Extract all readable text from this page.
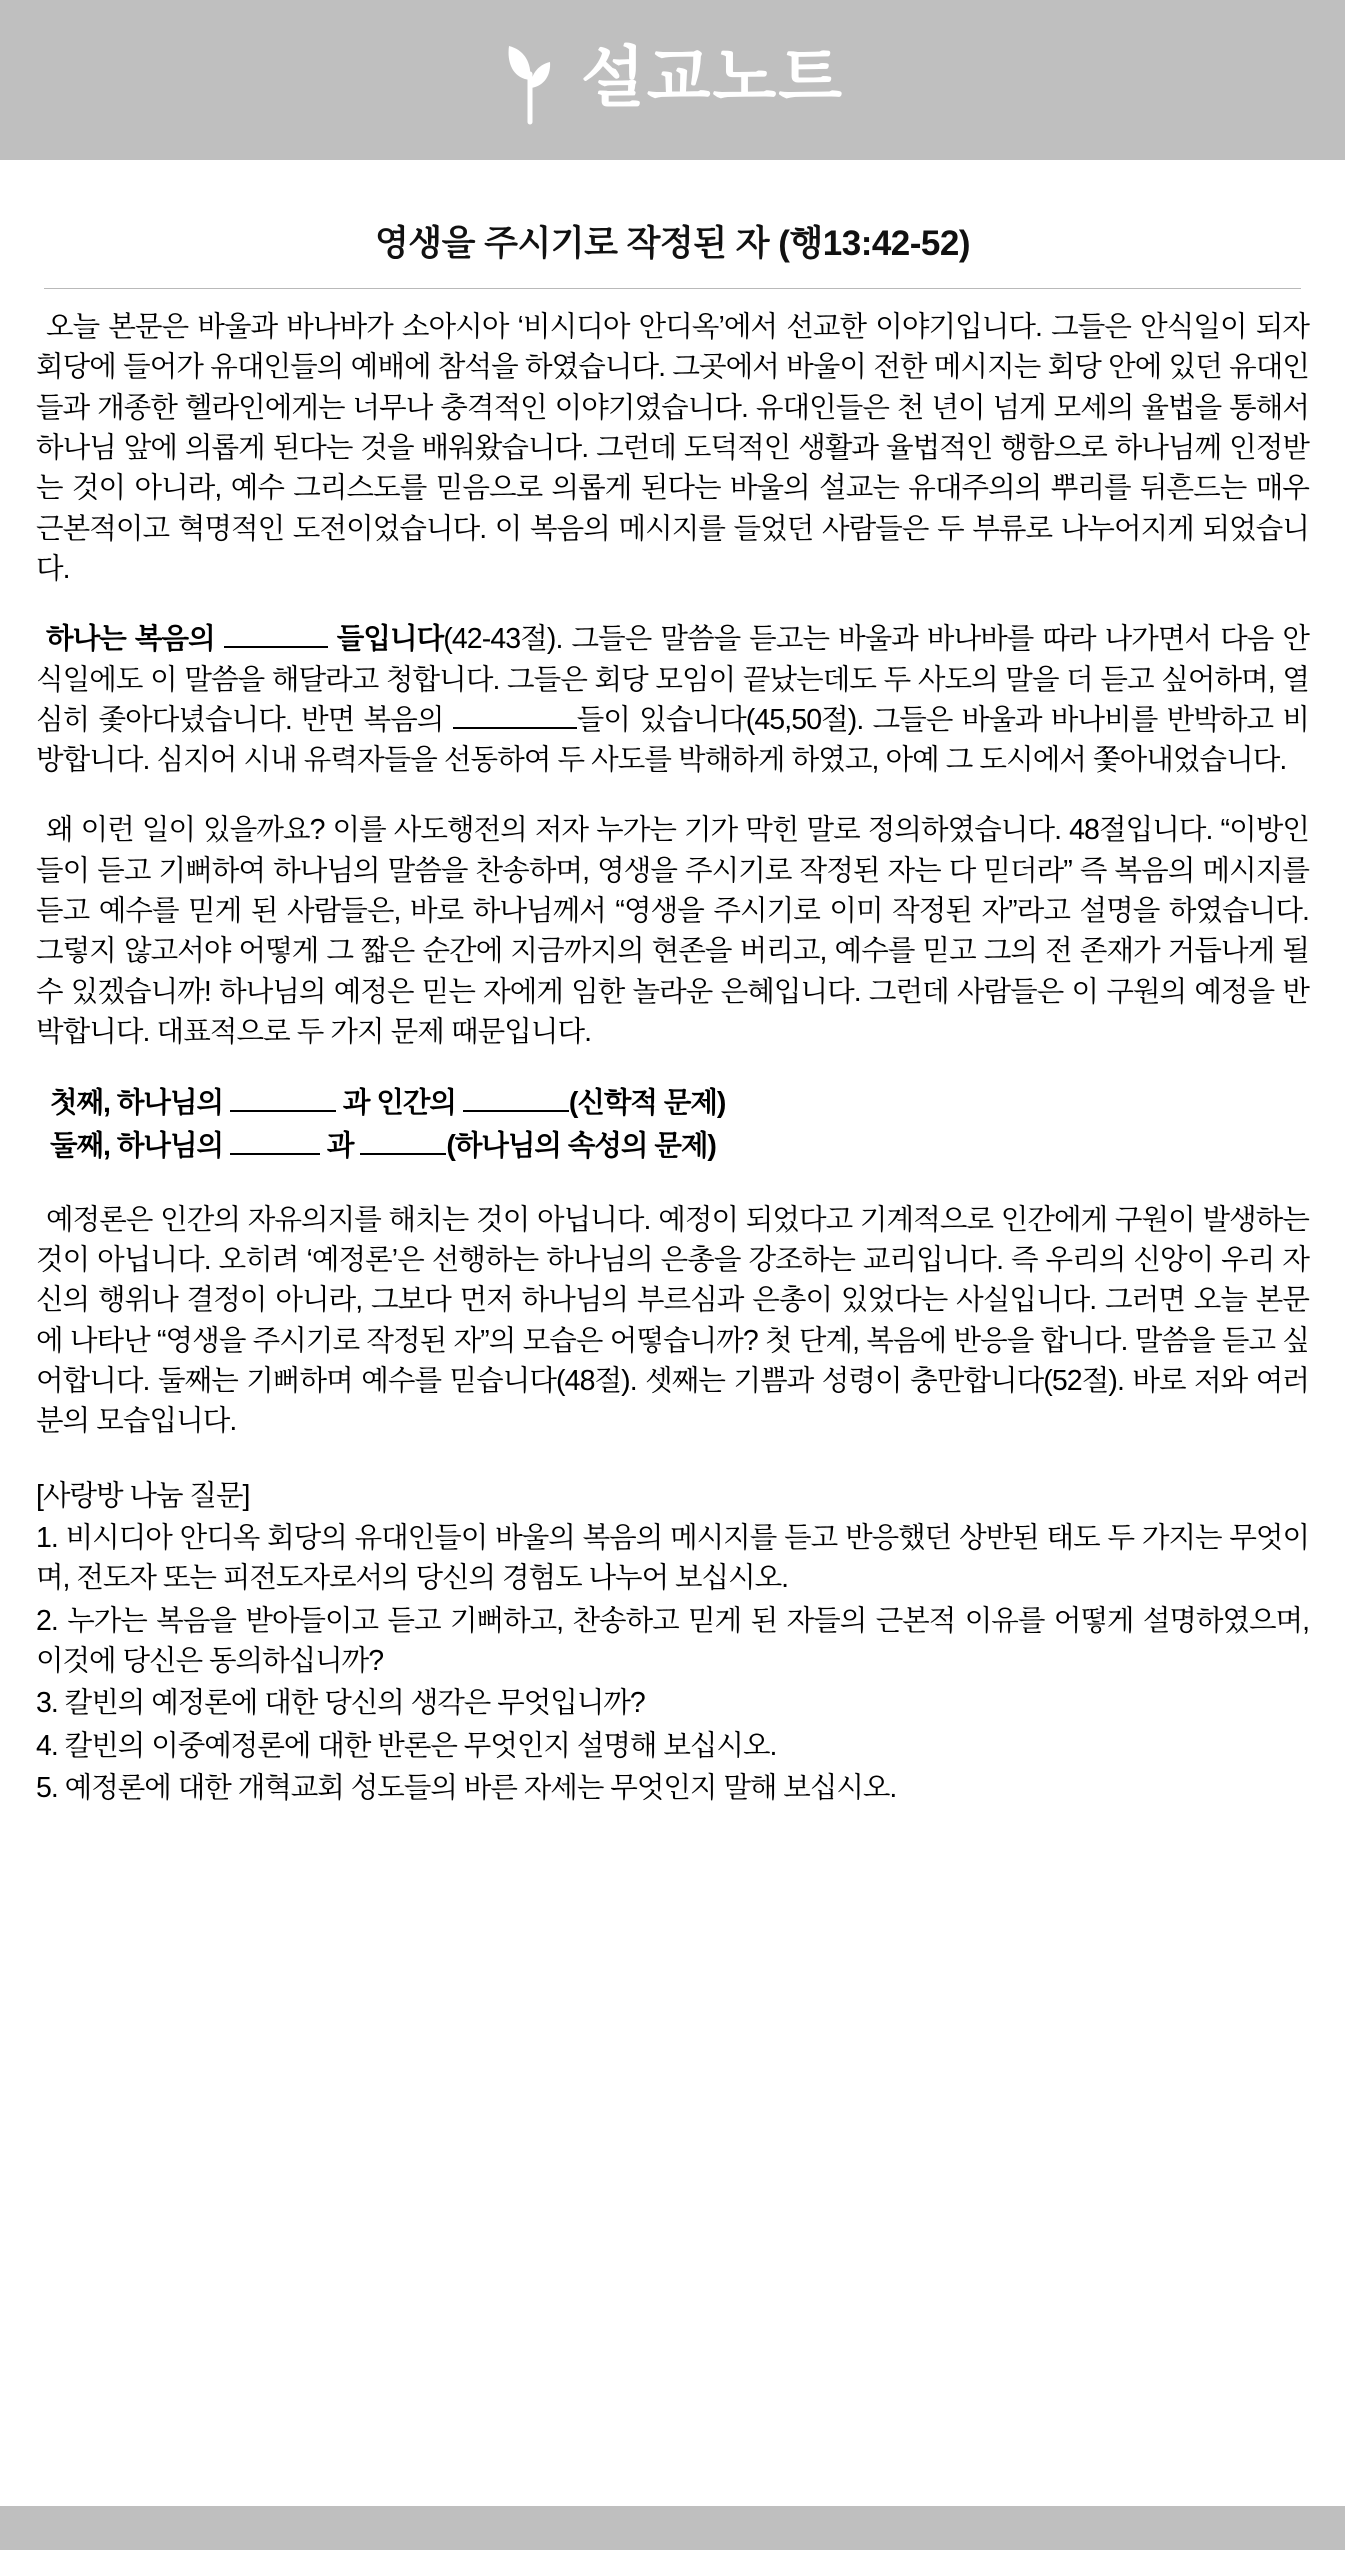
설교노트
영생을 주시기로 작정된 자 (행13:42-52)

오늘 본문은 바울과 바나바가 소아시아 ‘비시디아 안디옥’에서 선교한 이야기입니다. 그들은 안식일이 되자 회당에 들어가 유대인들의 예배에 참석을 하였습니다. 그곳에서 바울이 전한 메시지는 회당 안에 있던 유대인들과 개종한 헬라인에게는 너무나 충격적인 이야기였습니다. 유대인들은 천 년이 넘게 모세의 율법을 통해서 하나님 앞에 의롭게 된다는 것을 배워왔습니다. 그런데 도덕적인 생활과 율법적인 행함으로 하나님께 인정받는 것이 아니라, 예수 그리스도를 믿음으로 의롭게 된다는 바울의 설교는 유대주의의 뿌리를 뒤흔드는 매우 근본적이고 혁명적인 도전이었습니다. 이 복음의 메시지를 들었던 사람들은 두 부류로 나누어지게 되었습니다.

하나는 복음의	들입니다(42-43절). 그들은 말씀을 듣고는 바울과 바나바를 따라 나가면서 다음 안식일에도 이 말씀을 해달라고 청합니다. 그들은 회당 모임이 끝났는데도 두 사도의 말을 더 듣고 싶어하며, 열심히 좇아다녔습니다. 반면 복음의	들이 있습니다(45,50절). 그들은 바울과 바나비를 반박하고 비방합니다. 심지어 시내 유력자들을 선동하여 두 사도를 박해하게 하였고, 아예 그 도시에서 쫓아내었습니다.

왜 이런 일이 있을까요? 이를 사도행전의 저자 누가는 기가 막힌 말로 정의하였습니다. 48절입니다. “이방인들이 듣고 기뻐하여 하나님의 말씀을 찬송하며, 영생을 주시기로 작정된 자는 다 믿더라” 즉 복음의 메시지를 듣고 예수를 믿게 된 사람들은, 바로 하나님께서 “영생을 주시기로 이미 작정된 자”라고 설명을 하였습니다. 그렇지 않고서야 어떻게 그 짧은 순간에 지금까지의 현존을 버리고, 예수를 믿고 그의 전 존재가 거듭나게 될 수 있겠습니까! 하나님의 예정은 믿는 자에게 임한 놀라운 은혜입니다. 그런데 사람들은 이 구원의 예정을 반박합니다. 대표적으로 두 가지 문제 때문입니다.

첫째, 하나님의	과 인간의	(신학적 문제)
둘째, 하나님의	과	(하나님의 속성의 문제)

예정론은 인간의 자유의지를 해치는 것이 아닙니다. 예정이 되었다고 기계적으로 인간에게 구원이 발생하는 것이 아닙니다. 오히려 ‘예정론’은 선행하는 하나님의 은총을 강조하는 교리입니다. 즉 우리의 신앙이 우리 자신의 행위나 결정이 아니라, 그보다 먼저 하나님의 부르심과 은총이 있었다는 사실입니다. 그러면 오늘 본문에 나타난 “영생을 주시기로 작정된 자”의 모습은 어떻습니까? 첫 단계, 복음에 반응을 합니다. 말씀을 듣고 싶어합니다. 둘째는 기뻐하며 예수를 믿습니다(48절). 셋째는 기쁨과 성령이 충만합니다(52절). 바로 저와 여러분의 모습입니다.

[사랑방 나눔 질문]
1. 비시디아 안디옥 회당의 유대인들이 바울의 복음의 메시지를 듣고 반응했던 상반된 태도 두 가지는 무엇이며, 전도자 또는 피전도자로서의 당신의 경험도 나누어 보십시오.
2. 누가는 복음을 받아들이고 듣고 기뻐하고, 찬송하고 믿게 된 자들의 근본적 이유를 어떻게 설명하였으며, 이것에 당신은 동의하십니까?
3. 칼빈의 예정론에 대한 당신의 생각은 무엇입니까?
4. 칼빈의 이중예정론에 대한 반론은 무엇인지 설명해 보십시오.
5. 예정론에 대한 개혁교회 성도들의 바른 자세는 무엇인지 말해 보십시오.
